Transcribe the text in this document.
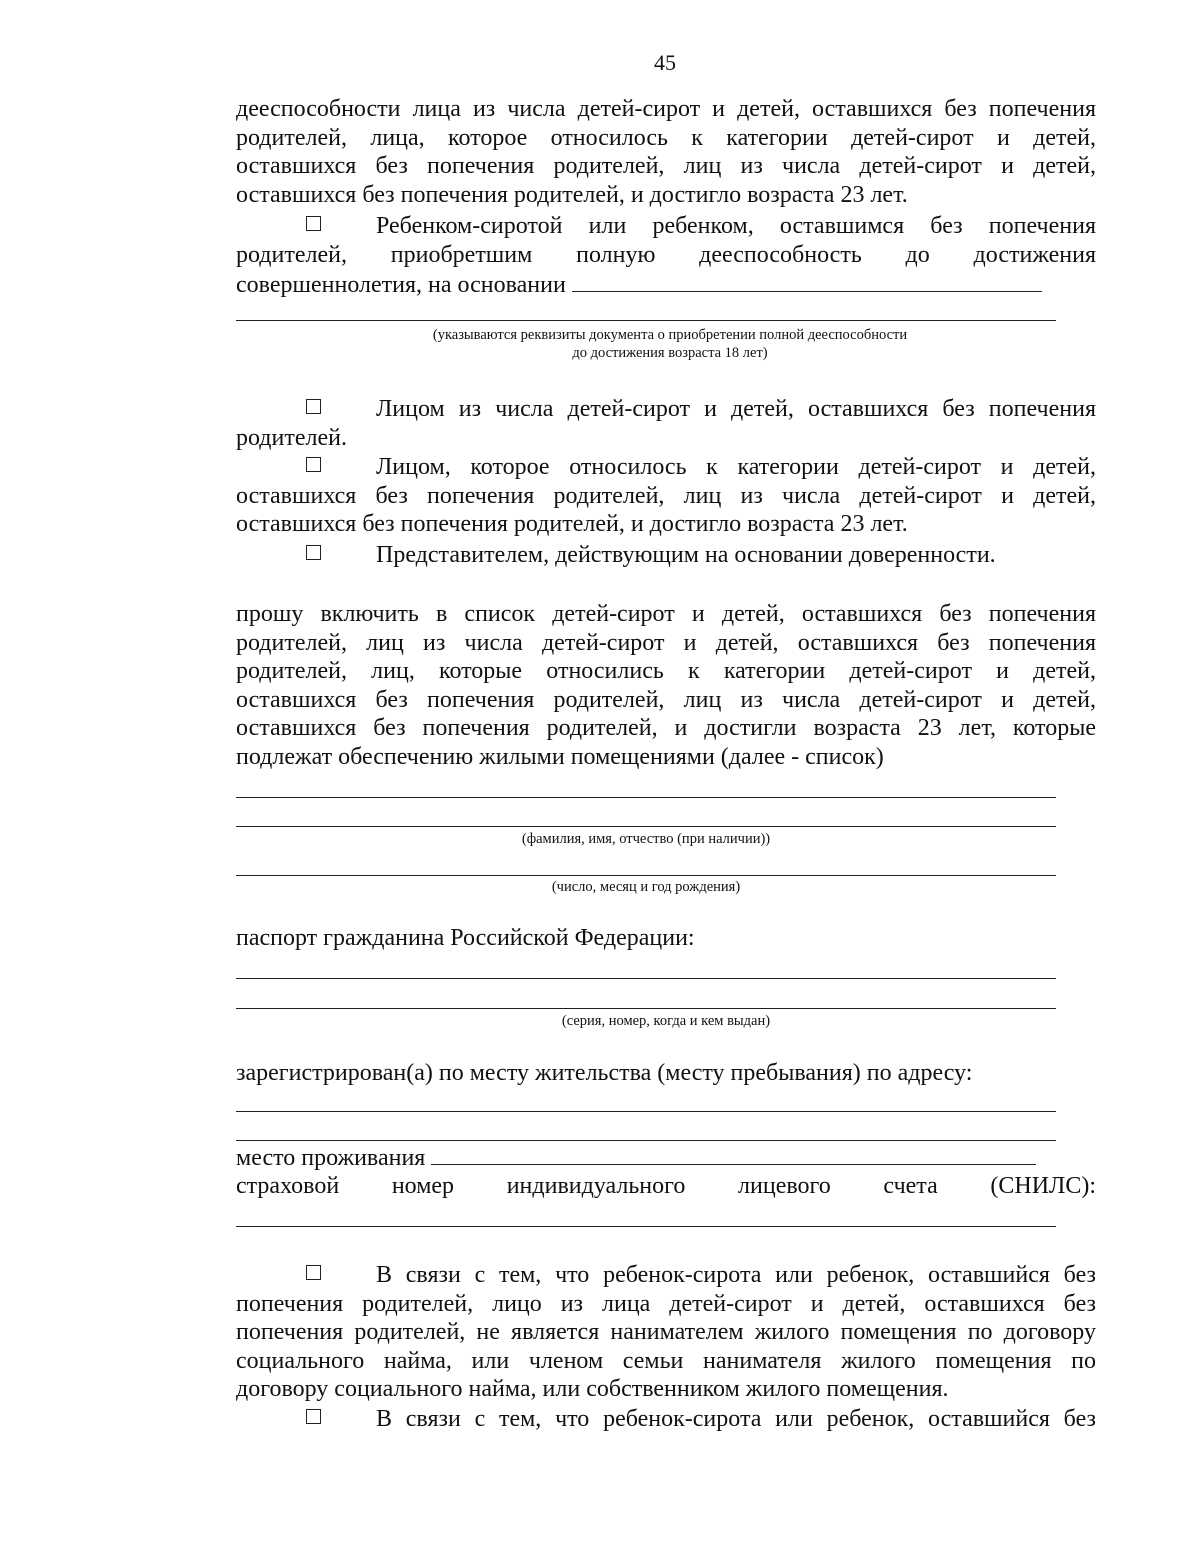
45
дееспособности лица из числа детей-сирот и детей, оставшихся без попечения
родителей, лица, которое относилось к категории детей-сирот и детей,
оставшихся без попечения родителей, лиц из числа детей-сирот и детей,
оставшихся без попечения родителей, и достигло возраста 23 лет.
Ребенком-сиротой или ребенком, оставшимся без попечения
родителей, приобретшим полную дееспособность до достижения
совершеннолетия, на основании
(указываются реквизиты документа о приобретении полной дееспособности
до достижения возраста 18 лет)
Лицом из числа детей-сирот и детей, оставшихся без попечения
родителей.
Лицом, которое относилось к категории детей-сирот и детей,
оставшихся без попечения родителей, лиц из числа детей-сирот и детей,
оставшихся без попечения родителей, и достигло возраста 23 лет.
Представителем, действующим на основании доверенности.
прошу включить в список детей-сирот и детей, оставшихся без попечения
родителей, лиц из числа детей-сирот и детей, оставшихся без попечения
родителей, лиц, которые относились к категории детей-сирот и детей,
оставшихся без попечения родителей, лиц из числа детей-сирот и детей,
оставшихся без попечения родителей, и достигли возраста 23 лет, которые
подлежат обеспечению жилыми помещениями (далее - список)
(фамилия, имя, отчество (при наличии))
(число, месяц и год рождения)
паспорт гражданина Российской Федерации:
(серия, номер, когда и кем выдан)
зарегистрирован(а) по месту жительства (месту пребывания) по адресу:
место проживания
страховой номер индивидуального лицевого счета (СНИЛС):
В связи с тем, что ребенок-сирота или ребенок, оставшийся без
попечения родителей, лицо из лица детей-сирот и детей, оставшихся без
попечения родителей, не является нанимателем жилого помещения по договору
социального найма, или членом семьи нанимателя жилого помещения по
договору социального найма, или собственником жилого помещения.
В связи с тем, что ребенок-сирота или ребенок, оставшийся без
